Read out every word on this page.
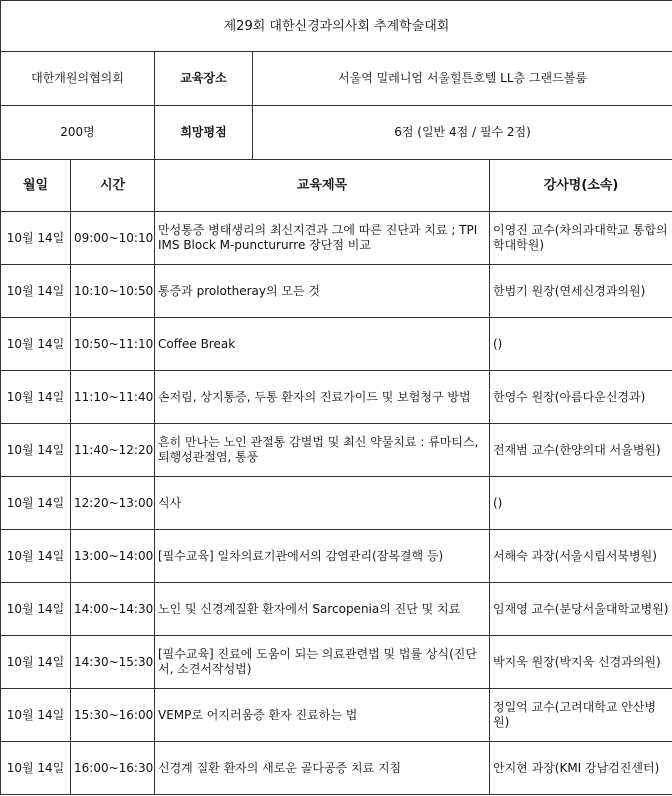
제29회 대한신경과의사회 추계학술대회			
대한개원의협의회		교육장소 서울역 밀레니엄 서울힐튼호텔 LL층 그랜드볼룸	

200명		희망평점 6점 (일반 4점 / 필수 2점)	

월일	시간	교육제목	강사명(소속)
10월 14일	09:00~10:10	만성통증 병태생리의 최신지견과 그에 따른 진단과 치료 ; TPI IMS Block M-punctururre 장단점 비교	이영진 교수(차의과대학교 통합의학대학원)
10월 14일	10:10~10:50	통증과 prolotheray의 모든 것	한범기 원장(연세신경과의원)
10월 14일	10:50~11:10	Coffee Break	()
10월 14일	11:10~11:40	손저림, 상지통증, 두통 환자의 진료가이드 및 보험청구 방법	한영수 원장(아름다운신경과)
10월 14일	11:40~12:20	흔히 만나는 노인 관절통 감별법 및 최신 약물치료 : 류마티스, 퇴행성관절염, 통풍	전재범 교수(한양의대 서울병원)
10월 14일	12:20~13:00	식사	()
10월 14일	13:00~14:00	[필수교육] 일차의료기관에서의 감염관리(잠복결핵 등)	서해숙 과장(서울시립서북병원)
10월 14일	14:00~14:30	노인 및 신경계질환 환자에서 Sarcopenia의 진단 및 치료	임재영 교수(분당서울대학교병원)
10월 14일	14:30~15:30	[필수교육] 진료에 도움이 되는 의료관련법 및 법률 상식(진단서, 소견서작성법)	박지욱 원장(박지욱 신경과의원)
10월 14일	15:30~16:00	VEMP로 어지러움증 환자 진료하는 법	정일억 교수(고려대학교 안산병원)
10월 14일	16:00~16:30	신경계 질환 환자의 새로운 골다공증 치료 지침	안지현 과장(KMI 강남검진센터)
